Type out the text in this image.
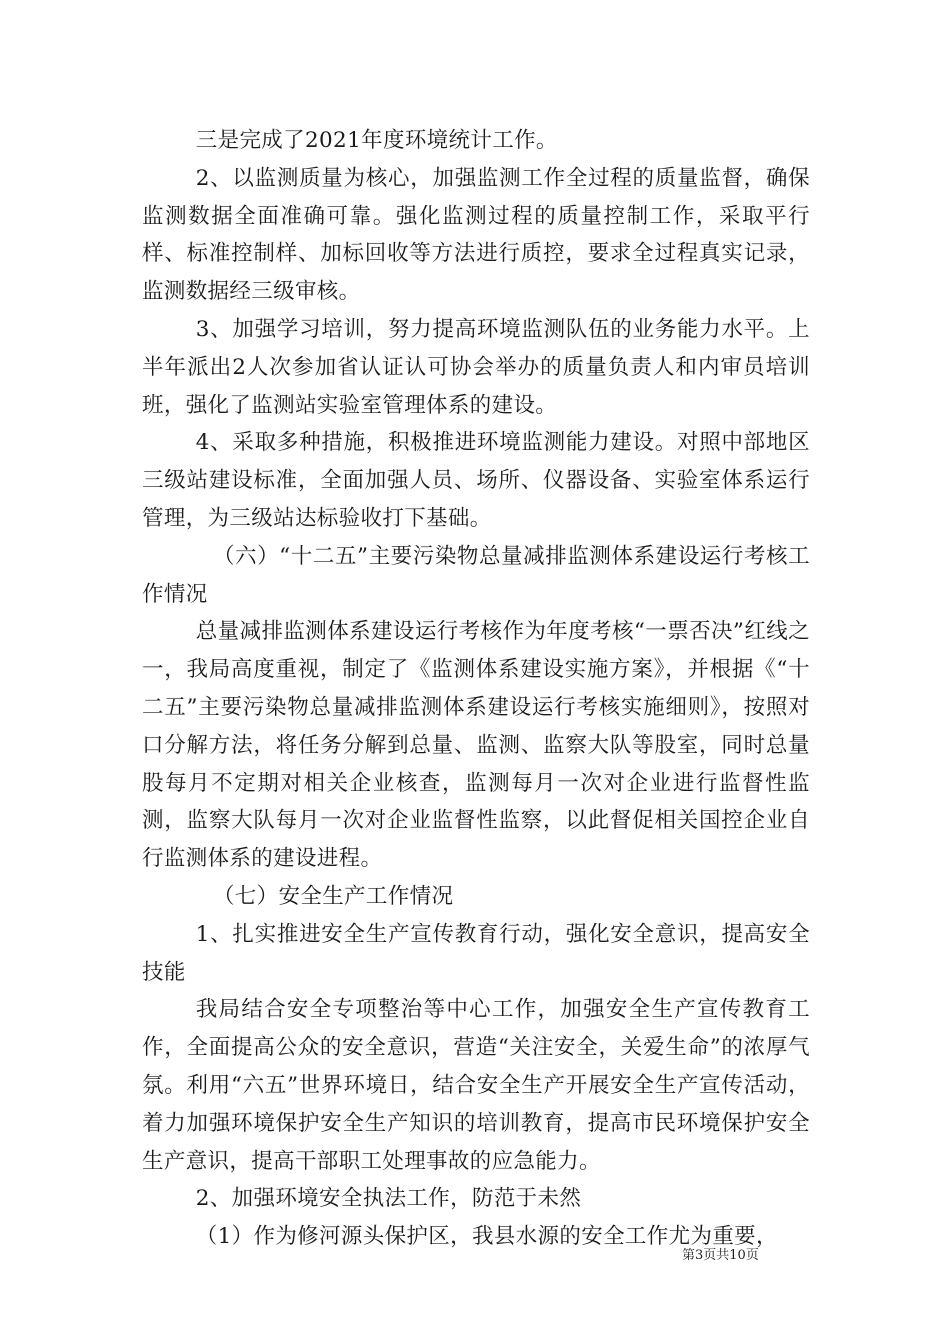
三是完成了2021年度环境统计工作。

2、以监测质量为核心，加强监测工作全过程的质量监督，确保监测数据全面准确可靠。强化监测过程的质量控制工作，采取平行样、标准控制样、加标回收等方法进行质控，要求全过程真实记录，监测数据经三级审核。

3、加强学习培训，努力提高环境监测队伍的业务能力水平。上半年派出2人次参加省认证认可协会举办的质量负责人和内审员培训班，强化了监测站实验室管理体系的建设。

4、采取多种措施，积极推进环境监测能力建设。对照中部地区三级站建设标准，全面加强人员、场所、仪器设备、实验室体系运行管理，为三级站达标验收打下基础。

（六）“十二五”主要污染物总量减排监测体系建设运行考核工作情况

总量减排监测体系建设运行考核作为年度考核“一票否决”红线之一，我局高度重视，制定了《监测体系建设实施方案》，并根据《“十二五”主要污染物总量减排监测体系建设运行考核实施细则》，按照对口分解方法，将任务分解到总量、监测、监察大队等股室，同时总量股每月不定期对相关企业核查，监测每月一次对企业进行监督性监测，监察大队每月一次对企业监督性监察，以此督促相关国控企业自行监测体系的建设进程。

（七）安全生产工作情况

1、扎实推进安全生产宣传教育行动，强化安全意识，提高安全技能

我局结合安全专项整治等中心工作，加强安全生产宣传教育工作，全面提高公众的安全意识，营造“关注安全，关爱生命”的浓厚气氛。利用“六五”世界环境日，结合安全生产开展安全生产宣传活动，着力加强环境保护安全生产知识的培训教育，提高市民环境保护安全生产意识，提高干部职工处理事故的应急能力。

2、加强环境安全执法工作，防范于未然

（1）作为修河源头保护区，我县水源的安全工作尤为重要，

第3页共10页
